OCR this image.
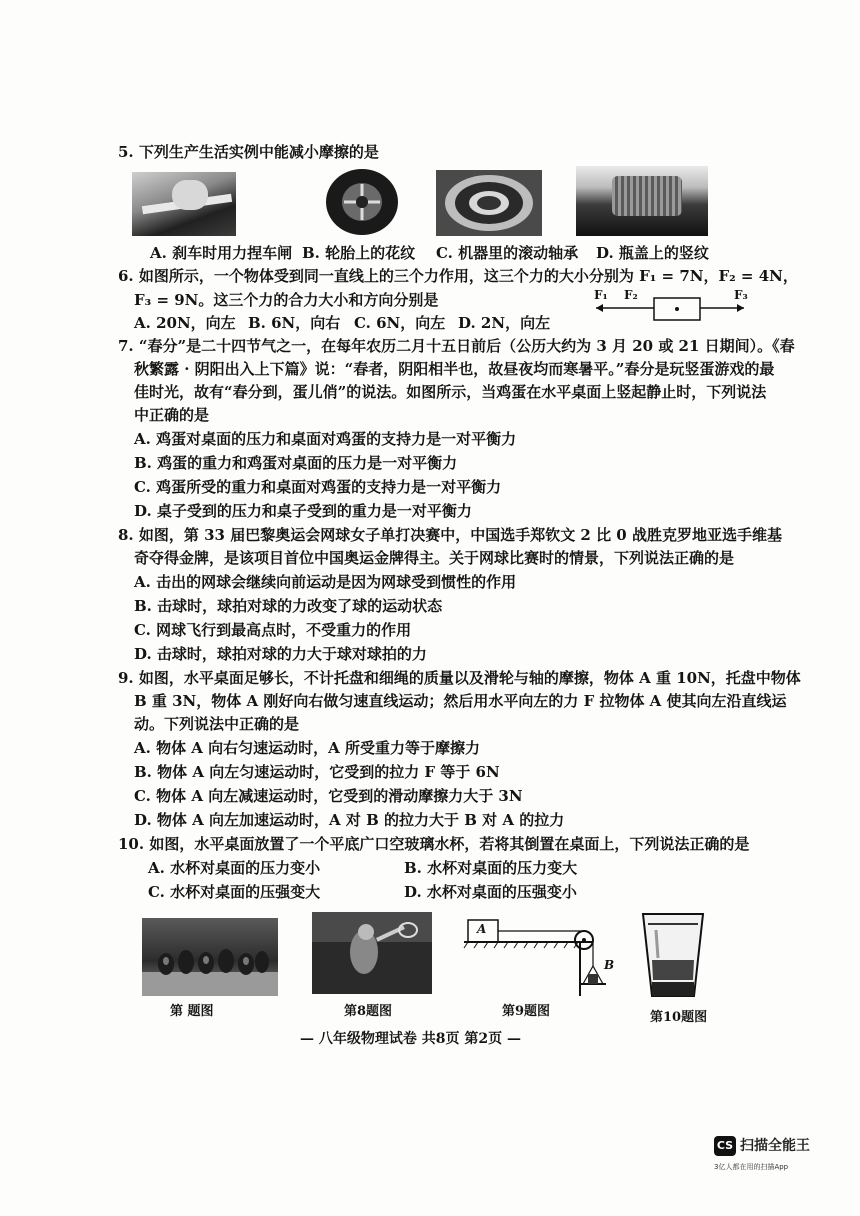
5. 下列生产生活实例中能减小摩擦的是
A. 刹车时用力捏车闸 B. 轮胎上的花纹 C. 机器里的滚动轴承 D. 瓶盖上的竖纹
6. 如图所示，一个物体受到同一直线上的三个力作用，这三个力的大小分别为 F₁ = 7N，F₂ = 4N，
F₃ = 9N。这三个力的合力大小和方向分别是
A. 20N，向左 B. 6N，向右 C. 6N，向左 D. 2N，向左
F₁ F₂	F₃
7. “春分”是二十四节气之一，在每年农历二月十五日前后（公历大约为 3 月 20 或 21 日期间）。《春
秋繁露 · 阴阳出入上下篇》说：“春者，阴阳相半也，故昼夜均而寒暑平。”春分是玩竖蛋游戏的最
佳时光，故有“春分到，蛋儿俏”的说法。如图所示，当鸡蛋在水平桌面上竖起静止时，下列说法
中正确的是
A. 鸡蛋对桌面的压力和桌面对鸡蛋的支持力是一对平衡力
B. 鸡蛋的重力和鸡蛋对桌面的压力是一对平衡力
C. 鸡蛋所受的重力和桌面对鸡蛋的支持力是一对平衡力
D. 桌子受到的压力和桌子受到的重力是一对平衡力
8. 如图，第 33 届巴黎奥运会网球女子单打决赛中，中国选手郑钦文 2 比 0 战胜克罗地亚选手维基
奇夺得金牌，是该项目首位中国奥运金牌得主。关于网球比赛时的情景，下列说法正确的是
A. 击出的网球会继续向前运动是因为网球受到惯性的作用
B. 击球时，球拍对球的力改变了球的运动状态
C. 网球飞行到最高点时，不受重力的作用
D. 击球时，球拍对球的力大于球对球拍的力
9. 如图，水平桌面足够长，不计托盘和细绳的质量以及滑轮与轴的摩擦，物体 A 重 10N，托盘中物体
B 重 3N，物体 A 刚好向右做匀速直线运动；然后用水平向左的力 F 拉物体 A 使其向左沿直线运
动。下列说法中正确的是
A. 物体 A 向右匀速运动时，A 所受重力等于摩擦力
B. 物体 A 向左匀速运动时，它受到的拉力 F 等于 6N
C. 物体 A 向左减速运动时，它受到的滑动摩擦力大于 3N
D. 物体 A 向左加速运动时，A 对 B 的拉力大于 B 对 A 的拉力
10. 如图，水平桌面放置了一个平底广口空玻璃水杯，若将其倒置在桌面上，下列说法正确的是
A. 水杯对桌面的压力变小	B. 水杯对桌面的压力变大
C. 水杯对桌面的压强变大	D. 水杯对桌面的压强变小
A
B
第 题图	第8题图	第9题图	第10题图
— 八年级物理试卷 共8页 第2页 —
CS 扫描全能王
3亿人都在用的扫描App
